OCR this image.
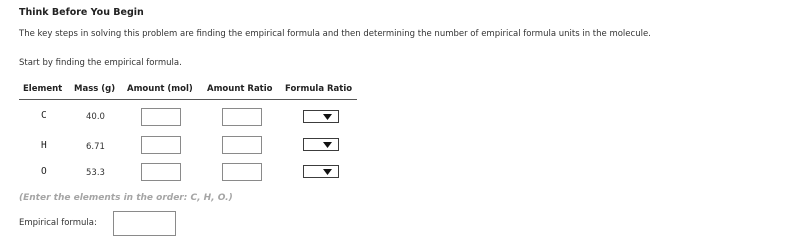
Think Before You Begin
The key steps in solving this problem are finding the empirical formula and then determining the number of empirical formula units in the molecule.
Start by finding the empirical formula.
Element Mass (g) Amount (mol) Amount Ratio Formula Ratio
C	40.0
H	6.71
O	53.3
(Enter the elements in the order: C, H, O.)
Empirical formula:
